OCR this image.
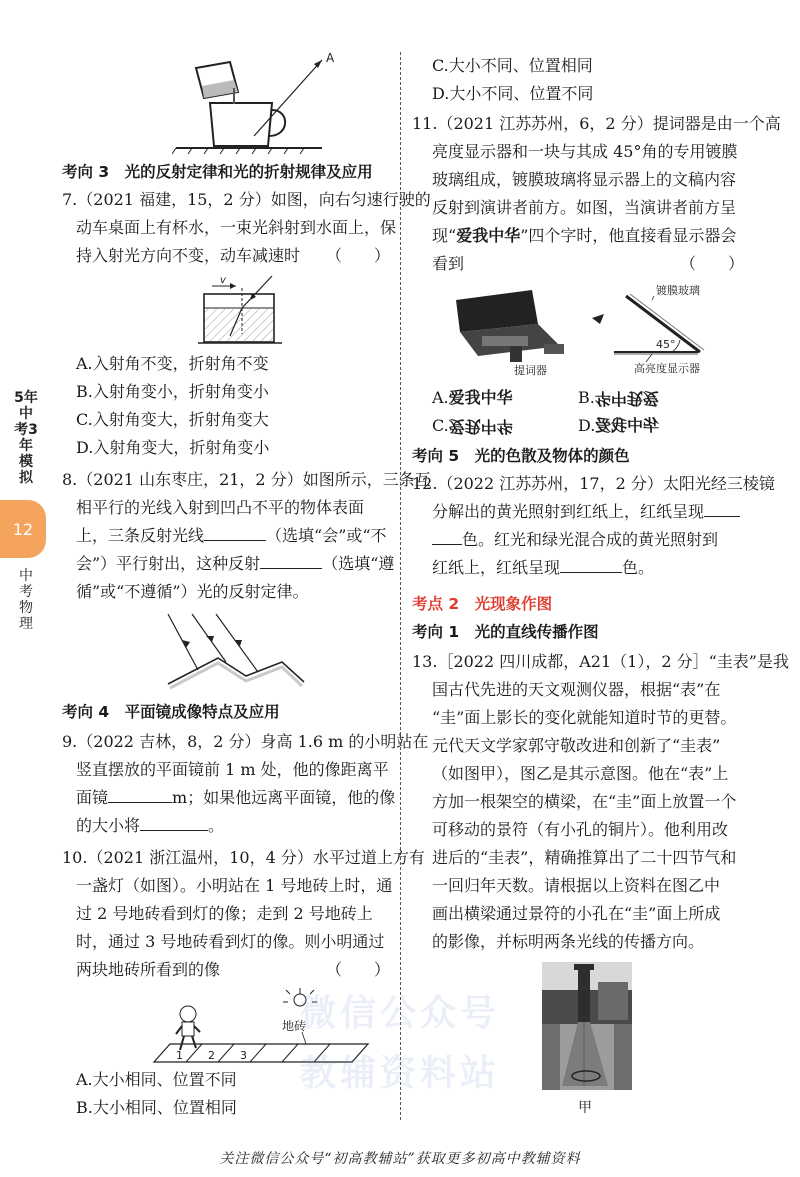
5年中考3年模拟
12
中考物理
A
考向 3　光的反射定律和光的折射规律及应用
7.（2021 福建，15，2 分）如图，向右匀速行驶的
动车桌面上有杯水，一束光斜射到水面上，保
持入射光方向不变，动车减速时 （　　）
v
A.入射角不变，折射角不变
B.入射角变小，折射角变小
C.入射角变大，折射角变大
D.入射角变大，折射角变小
8.（2021 山东枣庄，21，2 分）如图所示，三条互
相平行的光线入射到凹凸不平的物体表面
上，三条反射光线	（选填“会”或“不
会”）平行射出，这种反射	（选填“遵
循”或“不遵循”）光的反射定律。
考向 4　平面镜成像特点及应用
9.（2022 吉林，8，2 分）身高 1.6 m 的小明站在
竖直摆放的平面镜前 1 m 处，他的像距离平
面镜	m；如果他远离平面镜，他的像
的大小将	。
10.（2021 浙江温州，10，4 分）水平过道上方有
一盏灯（如图）。小明站在 1 号地砖上时，通
过 2 号地砖看到灯的像；走到 2 号地砖上
时，通过 3 号地砖看到灯的像。则小明通过
两块地砖所看到的像	（　　）
地砖
1 2 3
A.大小相同、位置不同
B.大小相同、位置相同
C.大小不同、位置相同
D.大小不同、位置不同
11.（2021 江苏苏州，6，2 分）提词器是由一个高
亮度显示器和一块与其成 45°角的专用镀膜
玻璃组成，镀膜玻璃将显示器上的文稿内容
反射到演讲者前方。如图，当演讲者前方呈
现“爱我中华”四个字时，他直接看显示器会
看到	（　　）
提词器
镀膜玻璃
45°
高亮度显示器
A.爱我中华	B.华中我爱
C.爱我中华	D.华中我爱
考向 5　光的色散及物体的颜色
12.（2022 江苏苏州，17，2 分）太阳光经三棱镜
分解出的黄光照射到红纸上，红纸呈现
色。红光和绿光混合成的黄光照射到
红纸上，红纸呈现	色。
考点 2　光现象作图
考向 1　光的直线传播作图
13.［2022 四川成都，A21（1），2 分］“圭表”是我
国古代先进的天文观测仪器，根据“表”在
“圭”面上影长的变化就能知道时节的更替。
元代天文学家郭守敬改进和创新了“圭表”
（如图甲），图乙是其示意图。他在“表”上
方加一根架空的横梁，在“圭”面上放置一个
可移动的景符（有小孔的铜片）。他利用改
进后的“圭表”，精确推算出了二十四节气和
一回归年天数。请根据以上资料在图乙中
画出横梁通过景符的小孔在“圭”面上所成
的影像，并标明两条光线的传播方向。
甲
微信公众号
教辅资料站
关注微信公众号“初高教辅站”获取更多初高中教辅资料
